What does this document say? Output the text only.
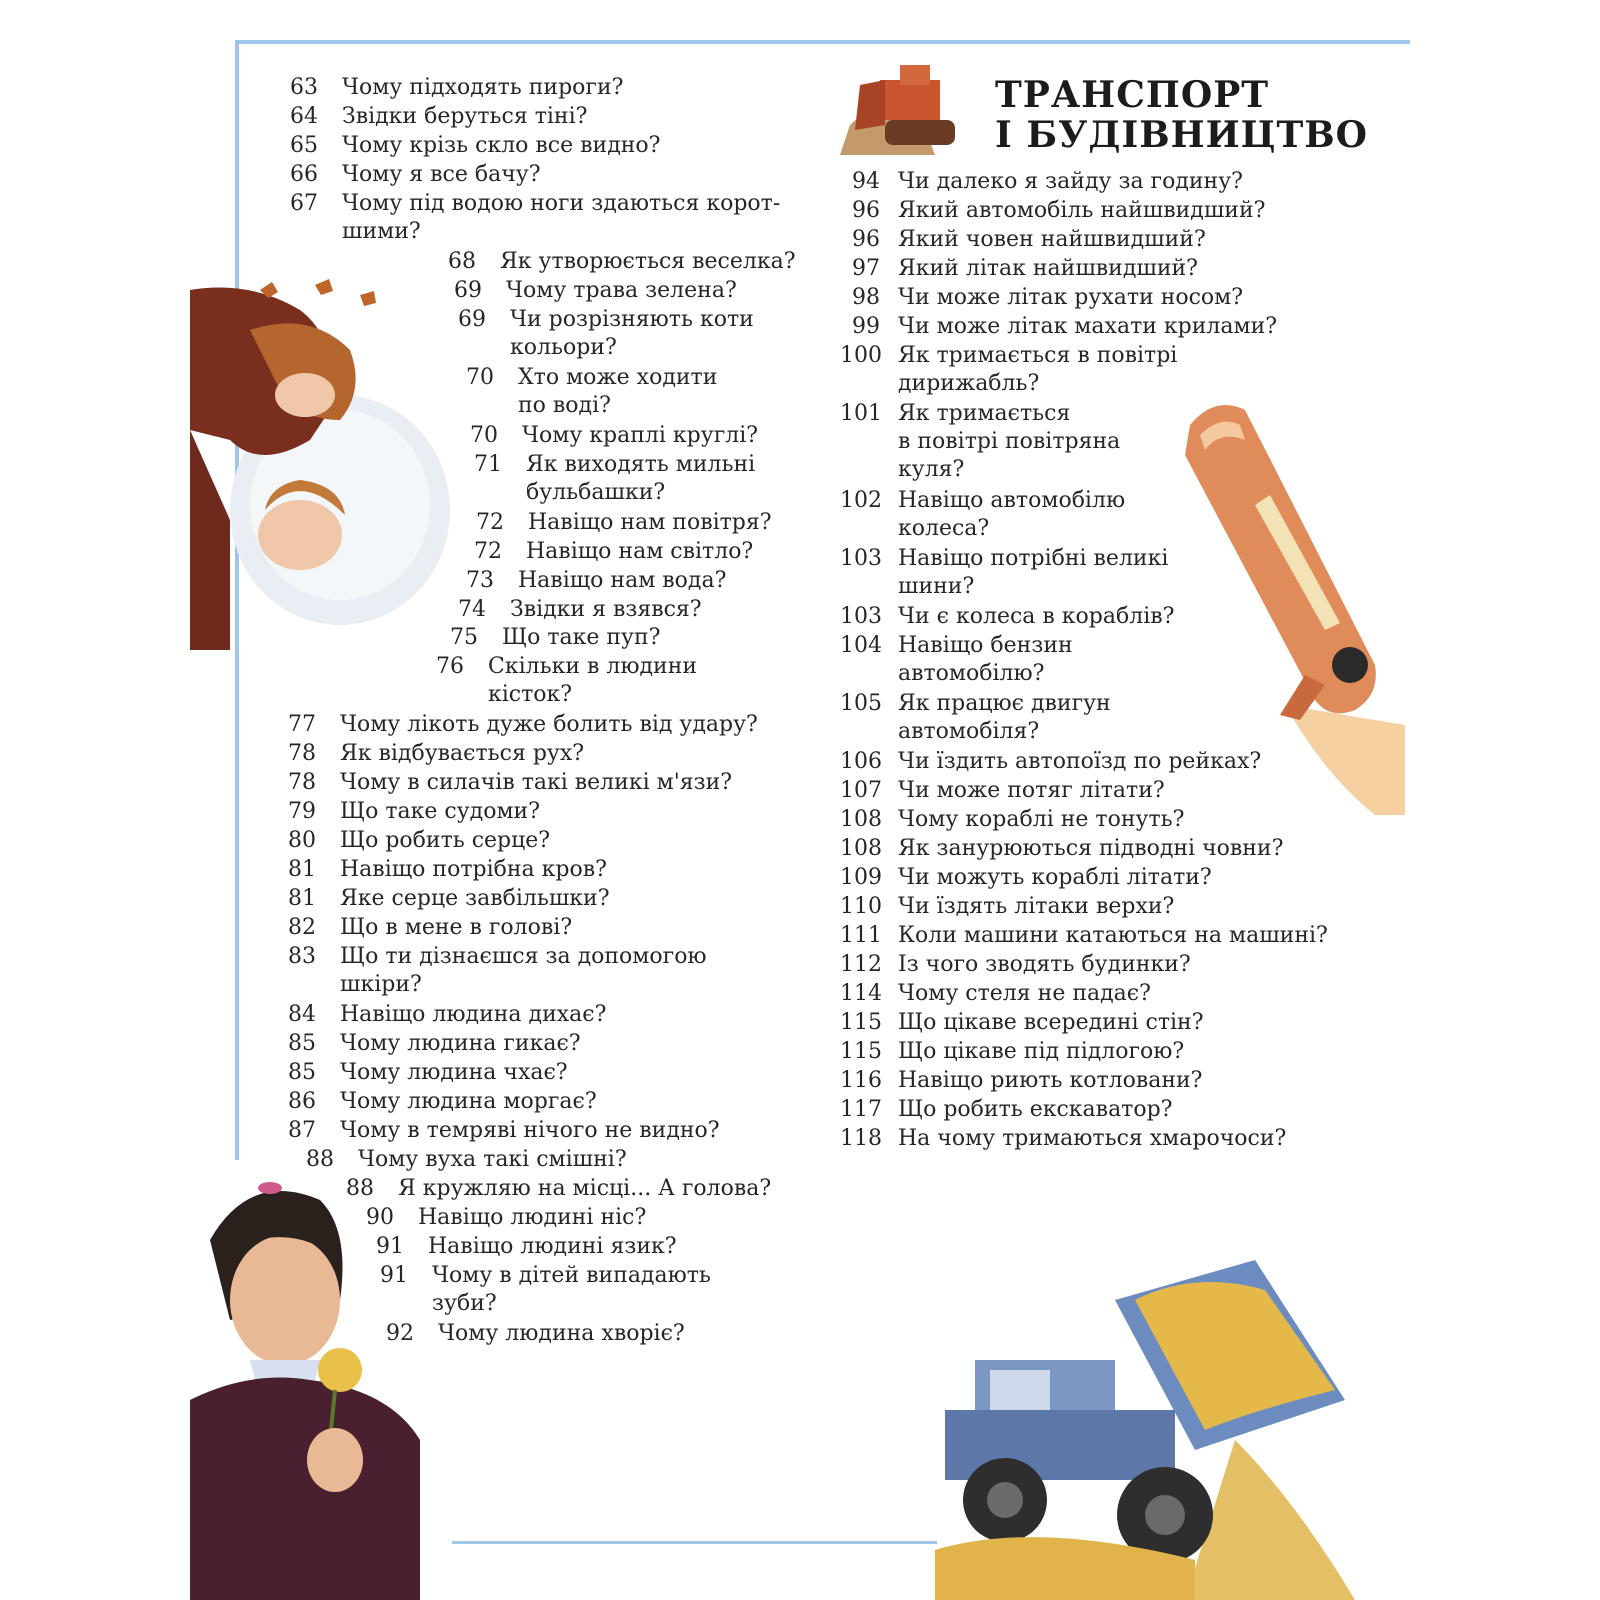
ТРАНСПОРТ
І БУДІВНИЦТВО
63 Чому підходять пироги?
64 Звідки беруться тіні?
65 Чому крізь скло все видно?
66 Чому я все бачу?
67 Чому під водою ноги здаються корот-
шими?
68 Як утворюється веселка?
69 Чому трава зелена?
69 Чи розрізняють коти
кольори?
70 Хто може ходити
по воді?
70 Чому краплі круглі?
71 Як виходять мильні
бульбашки?
72 Навіщо нам повітря?
72 Навіщо нам світло?
73 Навіщо нам вода?
74 Звідки я взявся?
75 Що таке пуп?
76 Скільки в людини
кісток?
77 Чому лікоть дуже болить від удару?
78 Як відбувається рух?
78 Чому в силачів такі великі м'язи?
79 Що таке судоми?
80 Що робить серце?
81 Навіщо потрібна кров?
81 Яке серце завбільшки?
82 Що в мене в голові?
83 Що ти дізнаєшся за допомогою
шкіри?
84 Навіщо людина дихає?
85 Чому людина гикає?
85 Чому людина чхає?
86 Чому людина моргає?
87 Чому в темряві нічого не видно?
88 Чому вуха такі смішні?
88 Я кружляю на місці... А голова?
90 Навіщо людині ніс?
91 Навіщо людині язик?
91 Чому в дітей випадають
зуби?
92 Чому людина хворіє?
94 Чи далеко я зайду за годину?
96 Який автомобіль найшвидший?
96 Який човен найшвидший?
97 Який літак найшвидший?
98 Чи може літак рухати носом?
99 Чи може літак махати крилами?
100 Як тримається в повітрі
дирижабль?
101 Як тримається
в повітрі повітряна
куля?
102 Навіщо автомобілю
колеса?
103 Навіщо потрібні великі
шини?
103 Чи є колеса в кораблів?
104 Навіщо бензин
автомобілю?
105 Як працює двигун
автомобіля?
106 Чи їздить автопоїзд по рейках?
107 Чи може потяг літати?
108 Чому кораблі не тонуть?
108 Як занурюються підводні човни?
109 Чи можуть кораблі літати?
110 Чи їздять літаки верхи?
111 Коли машини катаються на машині?
112 Із чого зводять будинки?
114 Чому стеля не падає?
115 Що цікаве всередині стін?
115 Що цікаве під підлогою?
116 Навіщо риють котловани?
117 Що робить екскаватор?
118 На чому тримаються хмарочоси?
